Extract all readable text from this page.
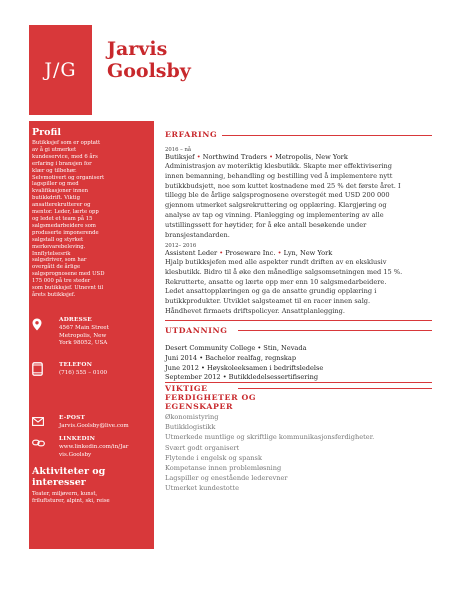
J/G
Jarvis
Goolsby
Profil
Butikksjef som er opptatt
av å gi utmerket
kundeservice, med 6 års
erfaring i bransjen for
klær og tilbehør.
Selvmotivert og organisert
lagspiller og med
kvalifikasjoner innen
butikkdrift. Viktig
ansatterekrutterer og
mentor. Leder, lærte opp
og ledet et team på 15
salgsmedarbeidere som
produserte imponerende
salgstall og styrket
merkevarebeleving.
Innflytelsesrik
salgsdriver, som har
overgått de årlige
salgsprognosene med USD
175 000 på tre steder
som butikksjef. Utnevnt til
årets butikksjef.
ADRESSE
4567 Main Street
Metropolis, New
York 98052, USA
TELEFON
(716) 555 – 0100
E-POST
Jarvis.Goolsby@live.com
LINKEDIN
www.linkedin.com/in/Jar
vis.Goolsby
Aktiviteter og
interesser
Teater, miljøvern, kunst,
friluftsturer, alpint, ski, reise
ERFARING
2016 – nå
Butiksjef • Northwind Traders • Metropolis, New York
Administrasjon av moteriktig klesbutikk. Skapte mer effektivisering
innen bemanning, behandling og bestilling ved å implementere nytt
butikkbudsjett, noe som kuttet kostnadene med 25 % det første året. I
tillegg ble de årlige salgsprognosene overstegét med USD 200 000
gjennom utmerket salgsrekruttering og opplæring. Klargjøring og
analyse av tap og vinning. Planlegging og implementering av alle
utstillingssett for høytider, for å øke antall besøkende under
bransjestandarden.
2012– 2016
Assistent Leder • Proseware Inc. • Lyn, New York
Hjalp butikksjefen med alle aspekter rundt driften av en eksklusiv
klesbutikk. Bidro til å øke den månedlige salgsomsetningen med 15 %.
Rekrutterte, ansatte og lærte opp mer enn 10 salgsmedarbeidere.
Ledet ansattopplæringen og ga de ansatte grundig opplæring i
butikkprodukter. Utviklet salgsteamet til en racer innen salg.
Håndhevet firmaets driftspolicyer. Ansattplanlegging.
UTDANNING
Desert Community College • Stin, Nevada
Juni 2014 • Bachelor realfag, regnskap
June 2012 • Høyskoleeksamen i bedriftsledelse
September 2012 • Butikkledelsessertifisering
VIKTIGE
FERDIGHETER OG
EGENSKAPER
Økonomistyring
Butikklogistikk
Utmerkede muntlige og skriftlige kommunikasjonsferdigheter.
Svært godt organisert
Flytende i engelsk og spansk
Kompetanse innen problemløsning
Lagspiller og enestående lederevner
Utmerket kundestotte
